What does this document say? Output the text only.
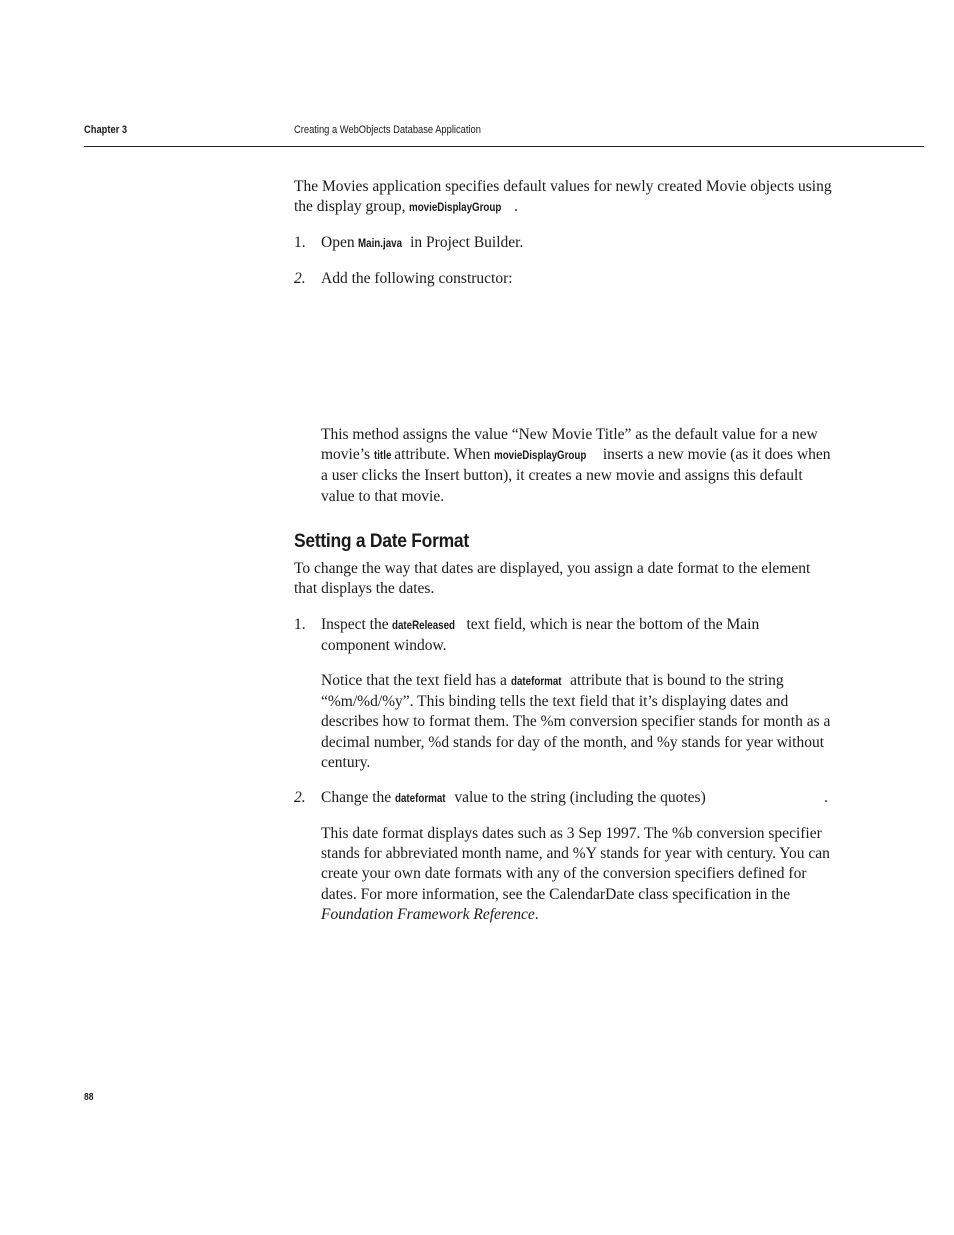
Chapter 3	Creating a WebObjects Database Application

The Movies application specifies default values for newly created Movie objects using the display group, movieDisplayGroup .

1. Open Main.java in Project Builder.
2. Add the following constructor:

This method assigns the value “New Movie Title” as the default value for a new movie’s title attribute. When movieDisplayGroup inserts a new movie (as it does when a user clicks the Insert button), it creates a new movie and assigns this default value to that movie.

Setting a Date Format

To change the way that dates are displayed, you assign a date format to the element that displays the dates.

1. Inspect the dateReleased text field, which is near the bottom of the Main component window.

Notice that the text field has a dateformat attribute that is bound to the string “%m/%d/%y”. This binding tells the text field that it’s displaying dates and describes how to format them. The %m conversion specifier stands for month as a decimal number, %d stands for day of the month, and %y stands for year without century.

2. Change the dateformat value to the string (including the quotes)	.

This date format displays dates such as 3 Sep 1997. The %b conversion specifier stands for abbreviated month name, and %Y stands for year with century. You can create your own date formats with any of the conversion specifiers defined for dates. For more information, see the CalendarDate class specification in the Foundation Framework Reference.

88
